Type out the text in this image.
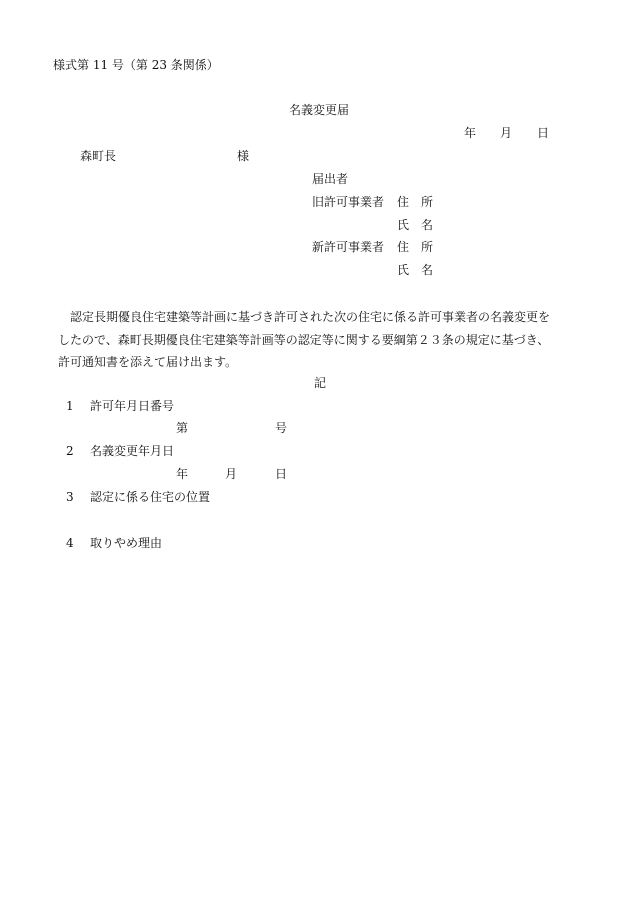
様式第 11 号（第 23 条関係）
名義変更届
年 月 日
森町長	様
届出者
旧許可事業者 住　所
氏　名
新許可事業者 住　所
氏　名
　認定長期優良住宅建築等計画に基づき許可された次の住宅に係る許可事業者の名義変更を
したので、森町長期優良住宅建築等計画等の認定等に関する要綱第２３条の規定に基づき、
許可通知書を添えて届け出ます。
記
1 許可年月日番号
第	号
2 名義変更年月日
年	月	日
3 認定に係る住宅の位置
4 取りやめ理由
